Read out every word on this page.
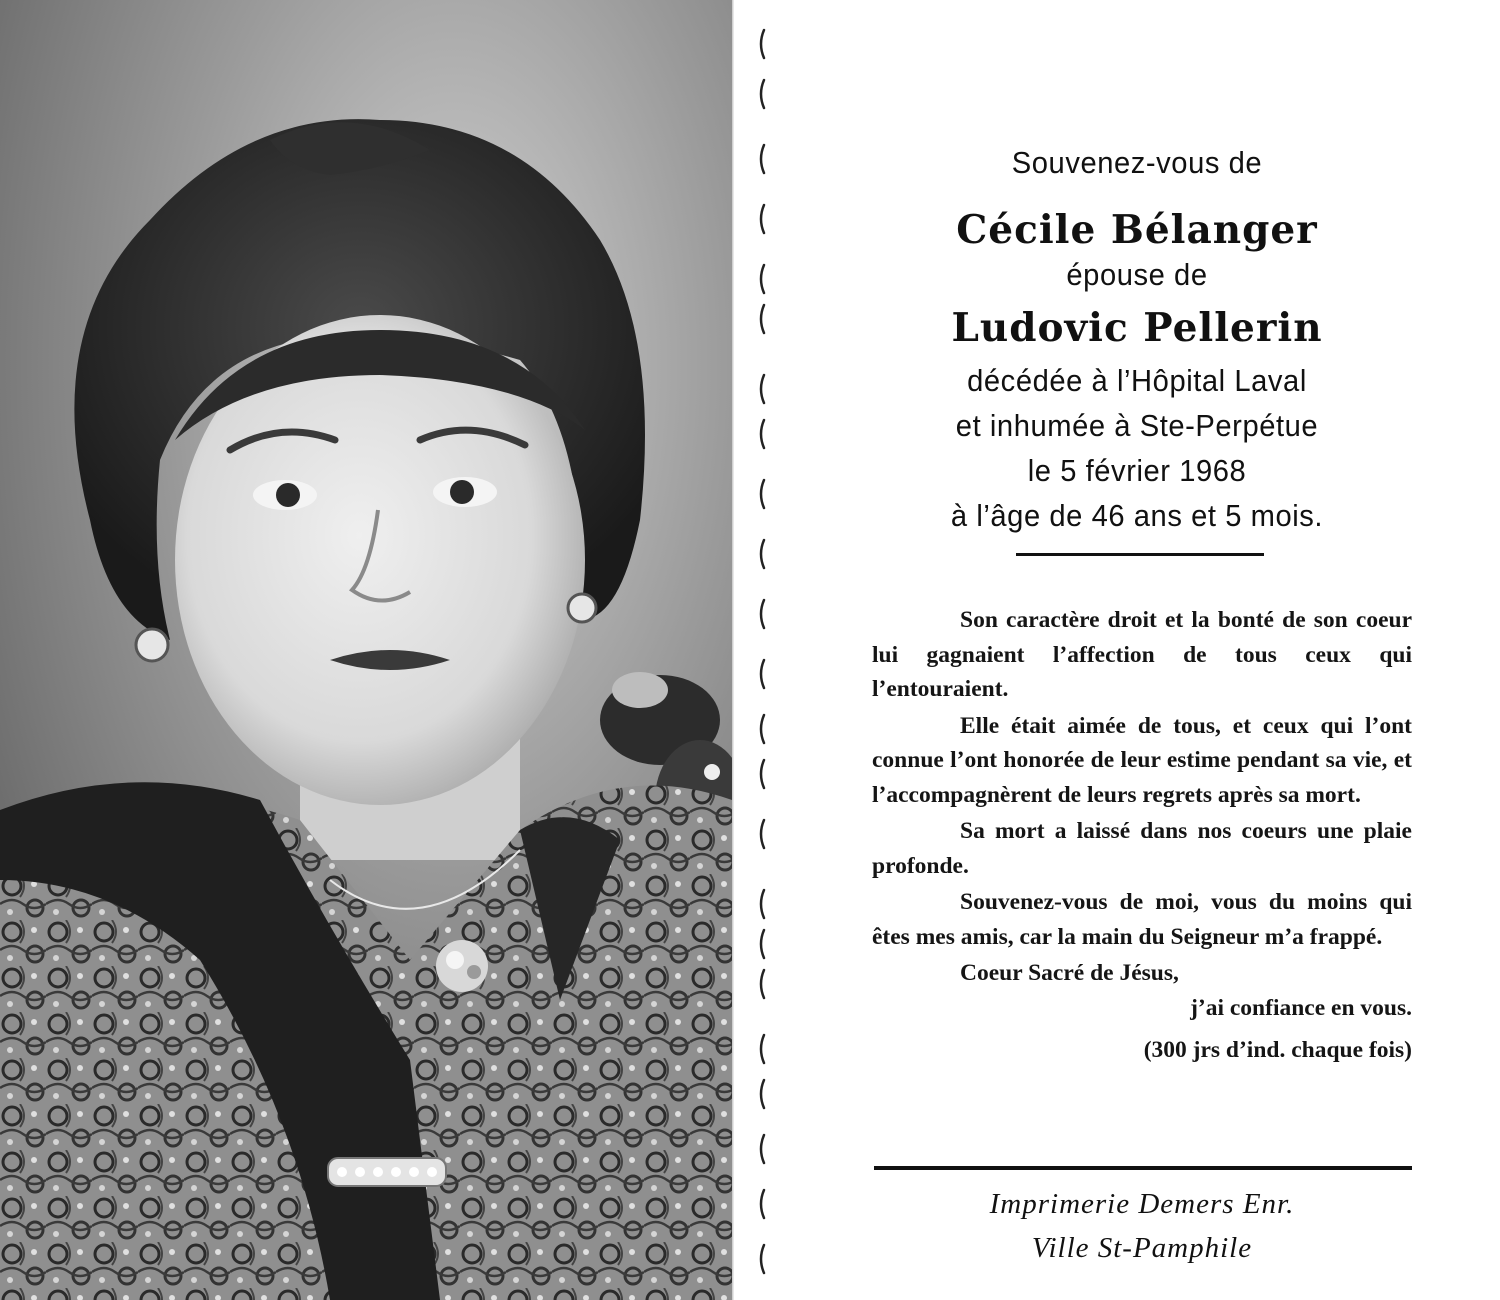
Souvenez-vous de
Cécile Bélanger
épouse de
Ludovic Pellerin
décédée à l’Hôpital Laval
et inhumée à Ste-Perpétue
le 5 février 1968
à l’âge de 46 ans et 5 mois.

Son caractère droit et la bonté de son coeur lui gagnaient l’affection de tous ceux qui l’entouraient.

Elle était aimée de tous, et ceux qui l’ont connue l’ont honorée de leur estime pendant sa vie, et l’accompagnèrent de leurs regrets après sa mort.

Sa mort a laissé dans nos coeurs une plaie profonde.

Souvenez-vous de moi, vous du moins qui êtes mes amis, car la main du Seigneur m’a frappé.

Coeur Sacré de Jésus,
j’ai confiance en vous.
(300 jrs d’ind. chaque fois)
Imprimerie Demers Enr.
Ville St-Pamphile
